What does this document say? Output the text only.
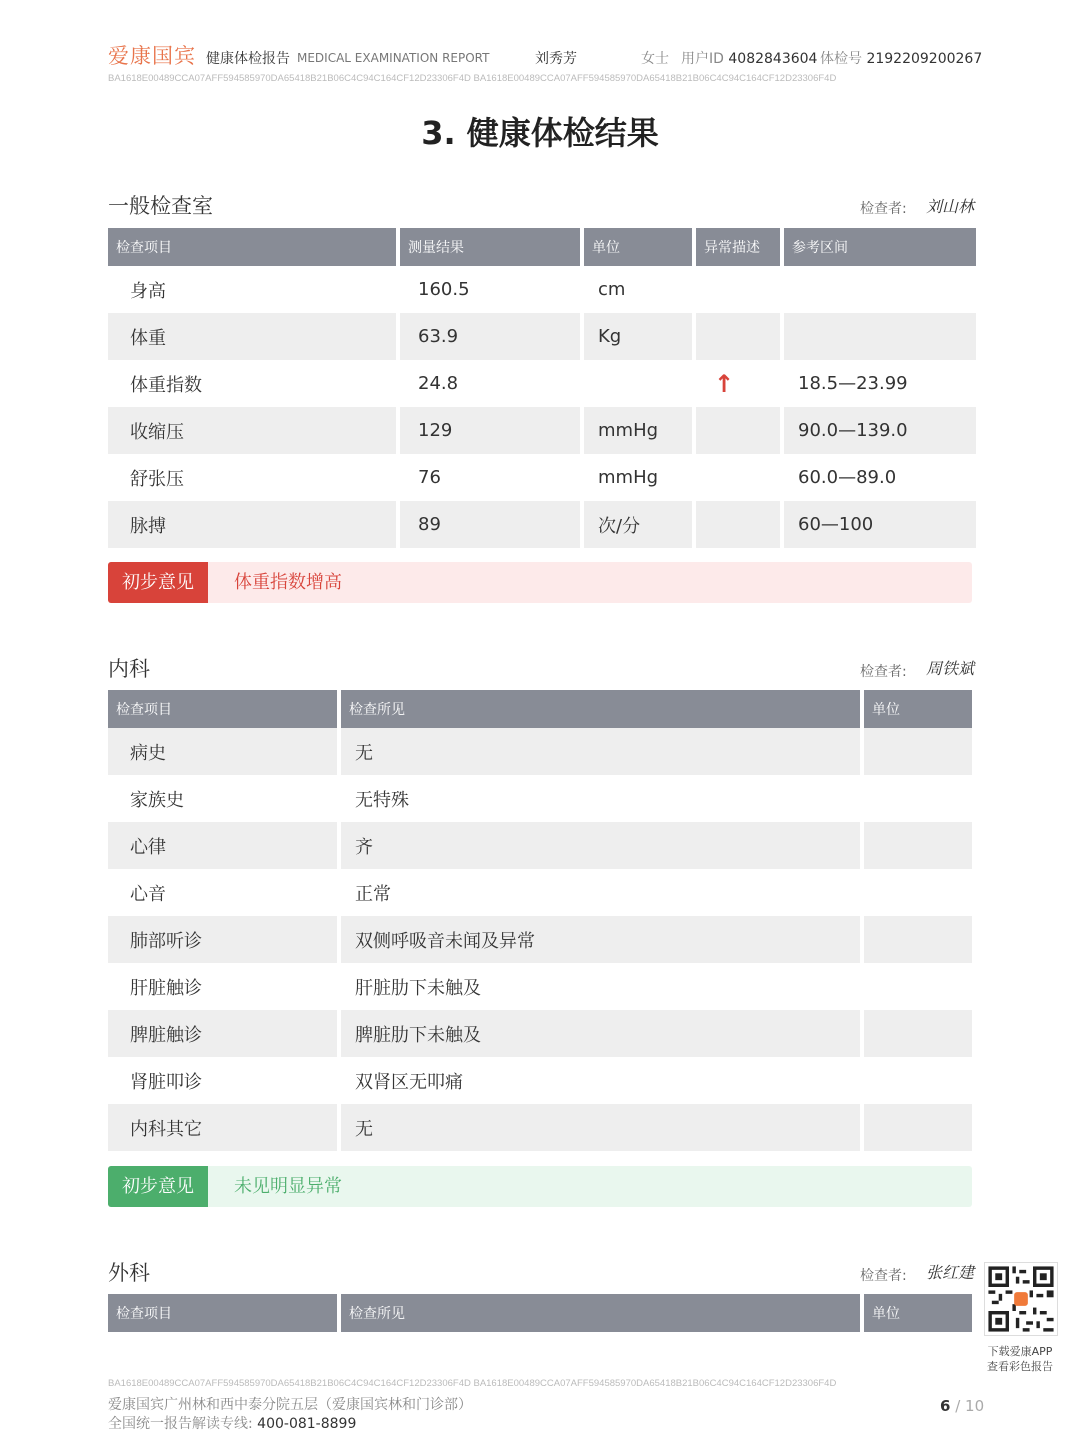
爱康国宾 健康体检报告 MEDICAL EXAMINATION REPORT	刘秀芳	女士 用户ID 4082843604 体检号 2192209200267
BA1618E00489CCA07AFF594585970DA65418B21B06C4C94C164CF12D23306F4D BA1618E00489CCA07AFF594585970DA65418B21B06C4C94C164CF12D23306F4D
3. 健康体检结果
一般检查室	检查者: 刘山林
检查项目	测量结果	单位	异常描述	参考区间
身高	160.5	cm		
体重	63.9	Kg		
体重指数	24.8		↑	18.5—23.99
收缩压	129	mmHg		90.0—139.0
舒张压	76	mmHg		60.0—89.0
脉搏	89	次/分		60—100
初步意见	体重指数增高
内科	检查者: 周铁斌
检查项目	检查所见	单位
病史	无	
家族史	无特殊	
心律	齐	
心音	正常	
肺部听诊	双侧呼吸音未闻及异常	
肝脏触诊	肝脏肋下未触及	
脾脏触诊	脾脏肋下未触及	
肾脏叩诊	双肾区无叩痛	
内科其它	无	
初步意见	未见明显异常
外科	检查者: 张红建
检查项目	检查所见	单位
下载爱康APP
查看彩色报告
BA1618E00489CCA07AFF594585970DA65418B21B06C4C94C164CF12D23306F4D BA1618E00489CCA07AFF594585970DA65418B21B06C4C94C164CF12D23306F4D
爱康国宾广州林和西中泰分院五层（爱康国宾林和门诊部）
全国统一报告解读专线: 400-081-8899
6 / 10
